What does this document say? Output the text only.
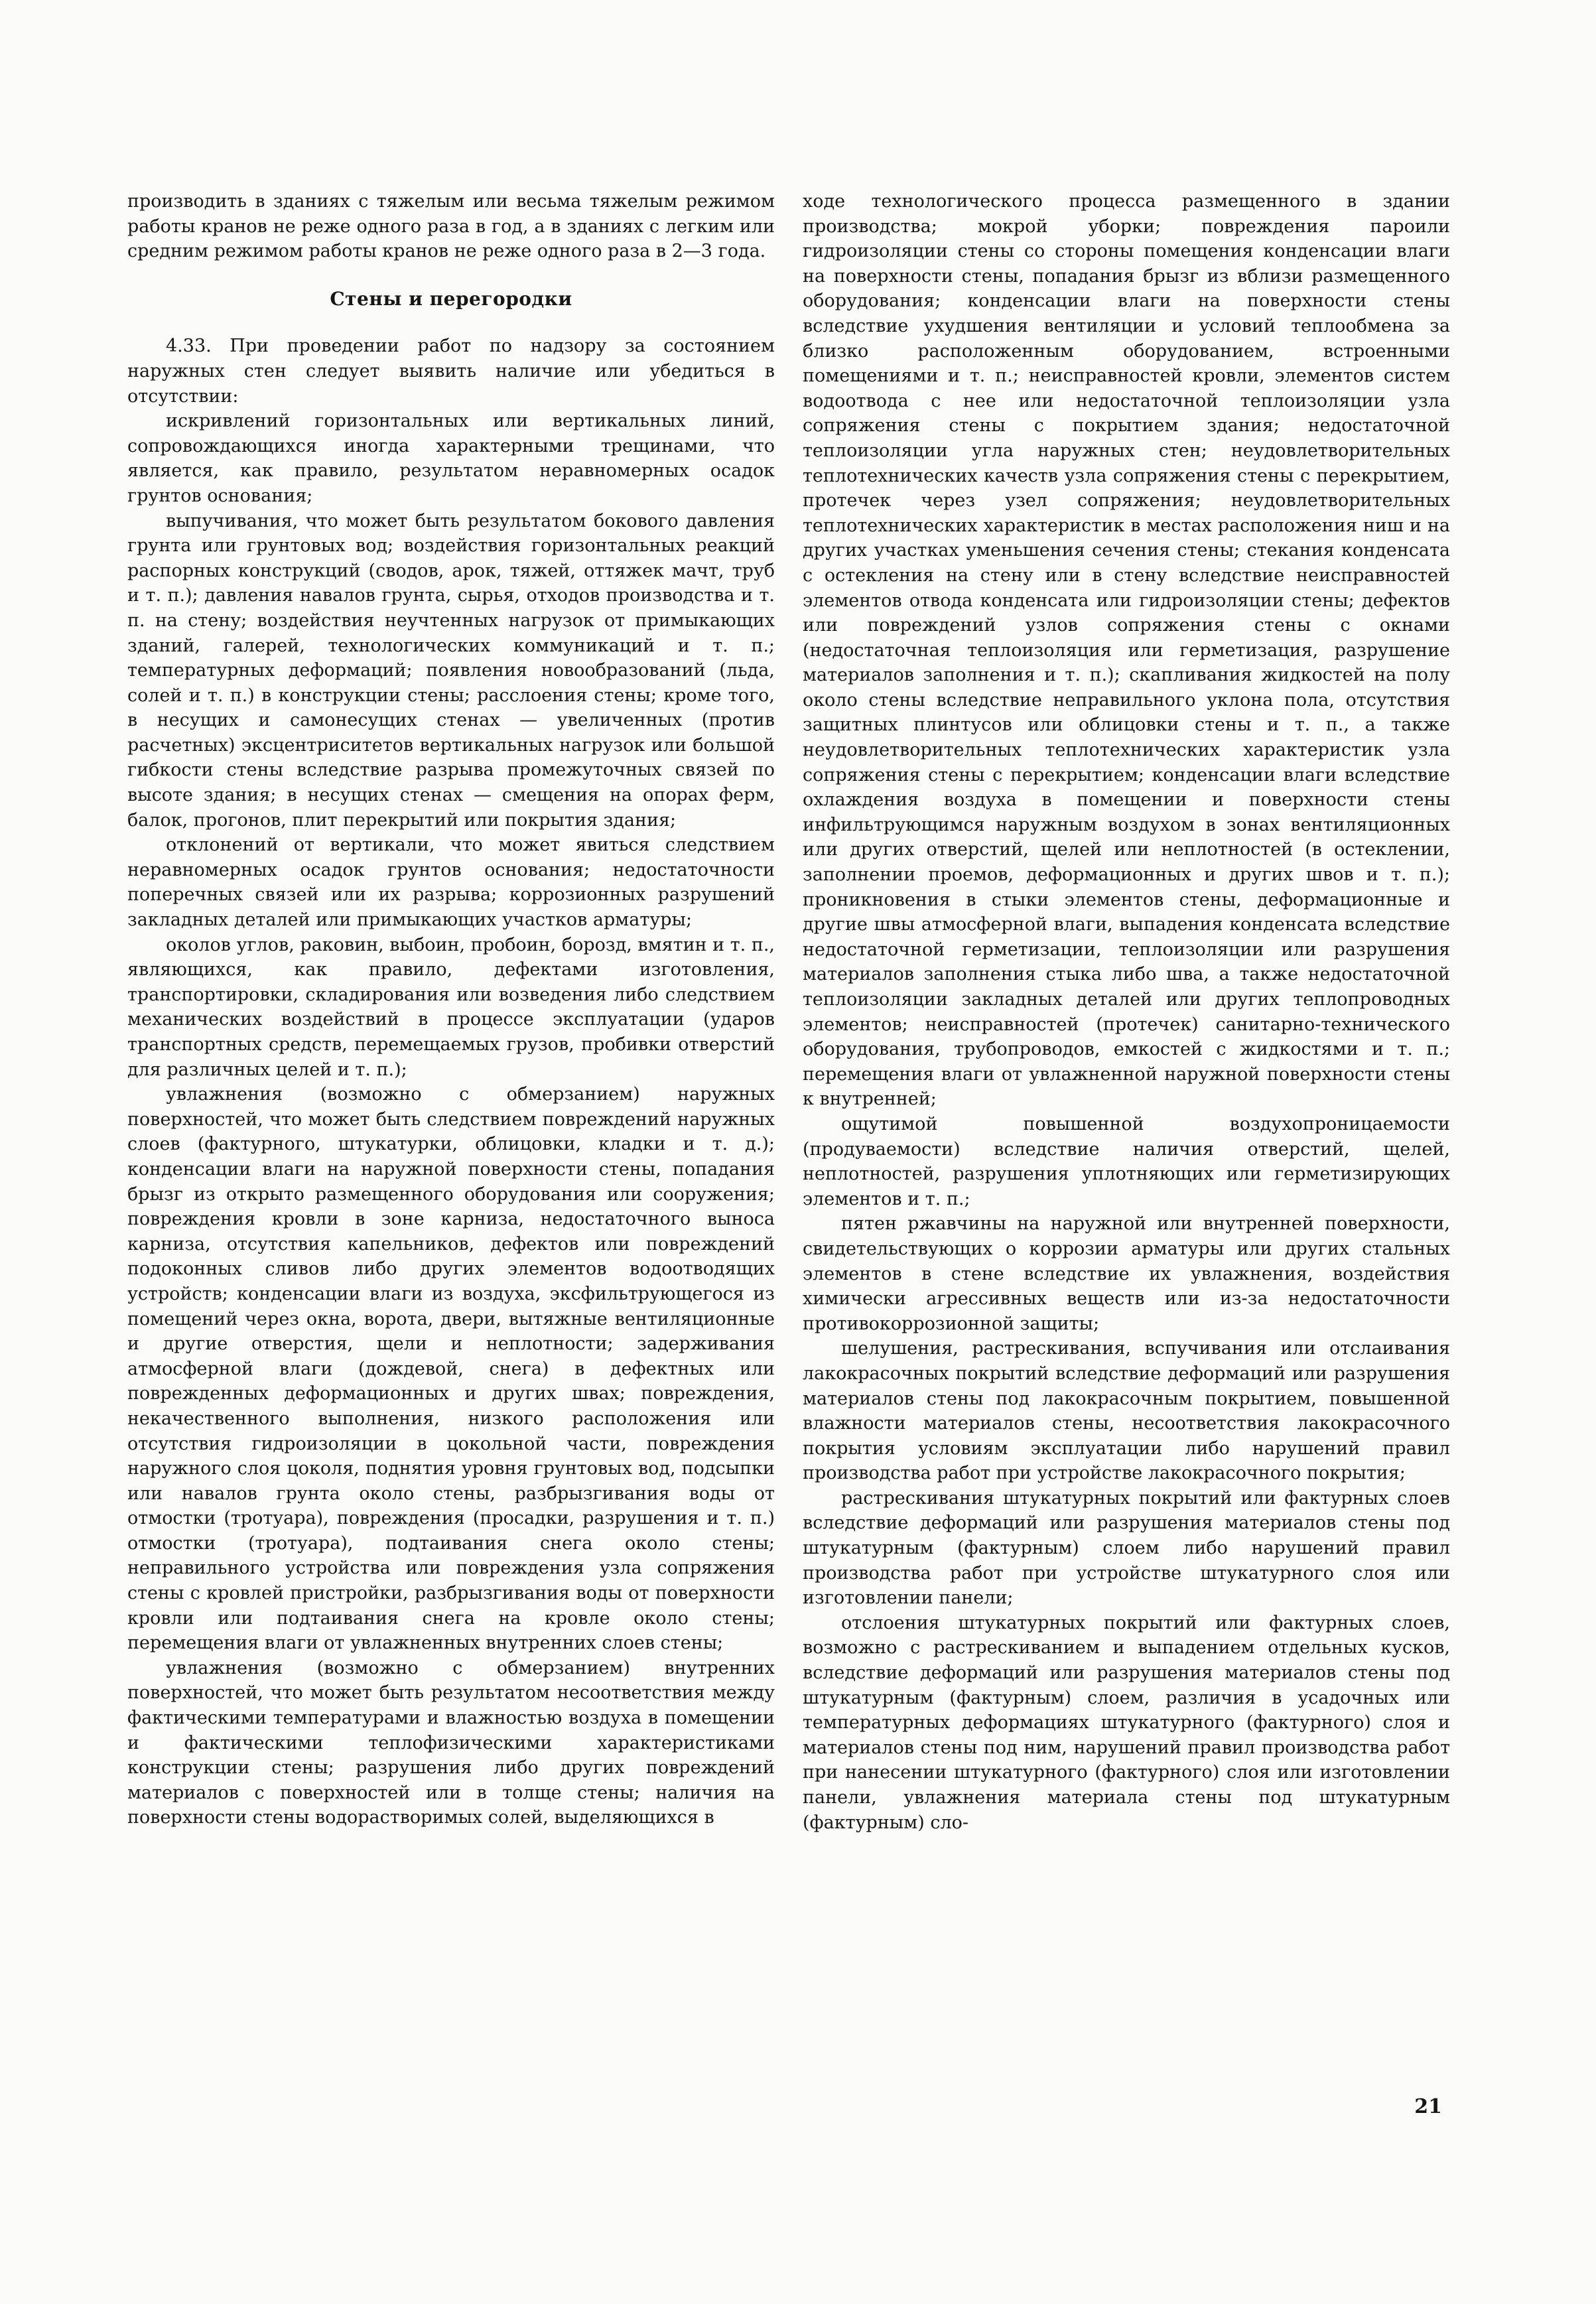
производить в зданиях с тяжелым или весьма тяжелым режимом работы кранов не реже одного раза в год, а в зданиях с легким или средним режимом работы кранов не реже одного раза в 2—3 года.

Стены и перегородки

4.33. При проведении работ по надзору за состоянием наружных стен следует выявить наличие или убедиться в отсутствии:

искривлений горизонтальных или вертикальных линий, сопровождающихся иногда характерными трещинами, что является, как правило, результатом неравномерных осадок грунтов основания;

выпучивания, что может быть результатом бокового давления грунта или грунтовых вод; воздействия горизонтальных реакций распорных конструкций (сводов, арок, тяжей, оттяжек мачт, труб и т. п.); давления навалов грунта, сырья, отходов производства и т. п. на стену; воздействия неучтенных нагрузок от примыкающих зданий, галерей, технологических коммуникаций и т. п.; температурных деформаций; появления новообразований (льда, солей и т. п.) в конструкции стены; расслоения стены; кроме того, в несущих и самонесущих стенах — увеличенных (против расчетных) эксцентриситетов вертикальных нагрузок или большой гибкости стены вследствие разрыва промежуточных связей по высоте здания; в несущих стенах — смещения на опорах ферм, балок, прогонов, плит перекрытий или покрытия здания;

отклонений от вертикали, что может явиться следствием неравномерных осадок грунтов основания; недостаточности поперечных связей или их разрыва; коррозионных разрушений закладных деталей или примыкающих участков арматуры;

околов углов, раковин, выбоин, пробоин, борозд, вмятин и т. п., являющихся, как правило, дефектами изготовления, транспортировки, складирования или возведения либо следствием механических воздействий в процессе эксплуатации (ударов транспортных средств, перемещаемых грузов, пробивки отверстий для различных целей и т. п.);

увлажнения (возможно с обмерзанием) наружных поверхностей, что может быть следствием повреждений наружных слоев (фактурного, штукатурки, облицовки, кладки и т. д.); конденсации влаги на наружной поверхности стены, попадания брызг из открыто размещенного оборудования или сооружения; повреждения кровли в зоне карниза, недостаточного выноса карниза, отсутствия капельников, дефектов или повреждений подоконных сливов либо других элементов водоотводящих устройств; конденсации влаги из воздуха, эксфильтрующегося из помещений через окна, ворота, двери, вытяжные вентиляционные и другие отверстия, щели и неплотности; задерживания атмосферной влаги (дождевой, снега) в дефектных или поврежденных деформационных и других швах; повреждения, некачественного выполнения, низкого расположения или отсутствия гидроизоляции в цокольной части, повреждения наружного слоя цоколя, поднятия уровня грунтовых вод, подсыпки или навалов грунта около стены, разбрызгивания воды от отмостки (тротуара), повреждения (просадки, разрушения и т. п.) отмостки (тротуара), подтаивания снега около стены; неправильного устройства или повреждения узла сопряжения стены с кровлей пристройки, разбрызгивания воды от поверхности кровли или подтаивания снега на кровле около стены; перемещения влаги от увлажненных внутренних слоев стены;

увлажнения (возможно с обмерзанием) внутренних поверхностей, что может быть результатом несоответствия между фактическими температурами и влажностью воздуха в помещении и фактическими теплофизическими характеристиками конструкции стены; разрушения либо других повреждений материалов с поверхностей или в толще стены; наличия на поверхности стены водорастворимых солей, выделяющихся в

ходе технологического процесса размещенного в здании производства; мокрой уборки; повреждения пароили гидроизоляции стены со стороны помещения конденсации влаги на поверхности стены, попадания брызг из вблизи размещенного оборудования; конденсации влаги на поверхности стены вследствие ухудшения вентиляции и условий теплообмена за близко расположенным оборудованием, встроенными помещениями и т. п.; неисправностей кровли, элементов систем водоотвода с нее или недостаточной теплоизоляции узла сопряжения стены с покрытием здания; недостаточной теплоизоляции угла наружных стен; неудовлетворительных теплотехнических качеств узла сопряжения стены с перекрытием, протечек через узел сопряжения; неудовлетворительных теплотехнических характеристик в местах расположения ниш и на других участках уменьшения сечения стены; стекания конденсата с остекления на стену или в стену вследствие неисправностей элементов отвода конденсата или гидроизоляции стены; дефектов или повреждений узлов сопряжения стены с окнами (недостаточная теплоизоляция или герметизация, разрушение материалов заполнения и т. п.); скапливания жидкостей на полу около стены вследствие неправильного уклона пола, отсутствия защитных плинтусов или облицовки стены и т. п., а также неудовлетворительных теплотехнических характеристик узла сопряжения стены с перекрытием; конденсации влаги вследствие охлаждения воздуха в помещении и поверхности стены инфильтрующимся наружным воздухом в зонах вентиляционных или других отверстий, щелей или неплотностей (в остеклении, заполнении проемов, деформационных и других швов и т. п.); проникновения в стыки элементов стены, деформационные и другие швы атмосферной влаги, выпадения конденсата вследствие недостаточной герметизации, теплоизоляции или разрушения материалов заполнения стыка либо шва, а также недостаточной теплоизоляции закладных деталей или других теплопроводных элементов; неисправностей (протечек) санитарно-технического оборудования, трубопроводов, емкостей с жидкостями и т. п.; перемещения влаги от увлажненной наружной поверхности стены к внутренней;

ощутимой повышенной воздухопроницаемости (продуваемости) вследствие наличия отверстий, щелей, неплотностей, разрушения уплотняющих или герметизирующих элементов и т. п.;

пятен ржавчины на наружной или внутренней поверхности, свидетельствующих о коррозии арматуры или других стальных элементов в стене вследствие их увлажнения, воздействия химически агрессивных веществ или из-за недостаточности противокоррозионной защиты;

шелушения, растрескивания, вспучивания или отслаивания лакокрасочных покрытий вследствие деформаций или разрушения материалов стены под лакокрасочным покрытием, повышенной влажности материалов стены, несоответствия лакокрасочного покрытия условиям эксплуатации либо нарушений правил производства работ при устройстве лакокрасочного покрытия;

растрескивания штукатурных покрытий или фактурных слоев вследствие деформаций или разрушения материалов стены под штукатурным (фактурным) слоем либо нарушений правил производства работ при устройстве штукатурного слоя или изготовлении панели;

отслоения штукатурных покрытий или фактурных слоев, возможно с растрескиванием и выпадением отдельных кусков, вследствие деформаций или разрушения материалов стены под штукатурным (фактурным) слоем, различия в усадочных или температурных деформациях штукатурного (фактурного) слоя и материалов стены под ним, нарушений правил производства работ при нанесении штукатурного (фактурного) слоя или изготовлении панели, увлажнения материала стены под штукатурным (фактурным) сло-

21
